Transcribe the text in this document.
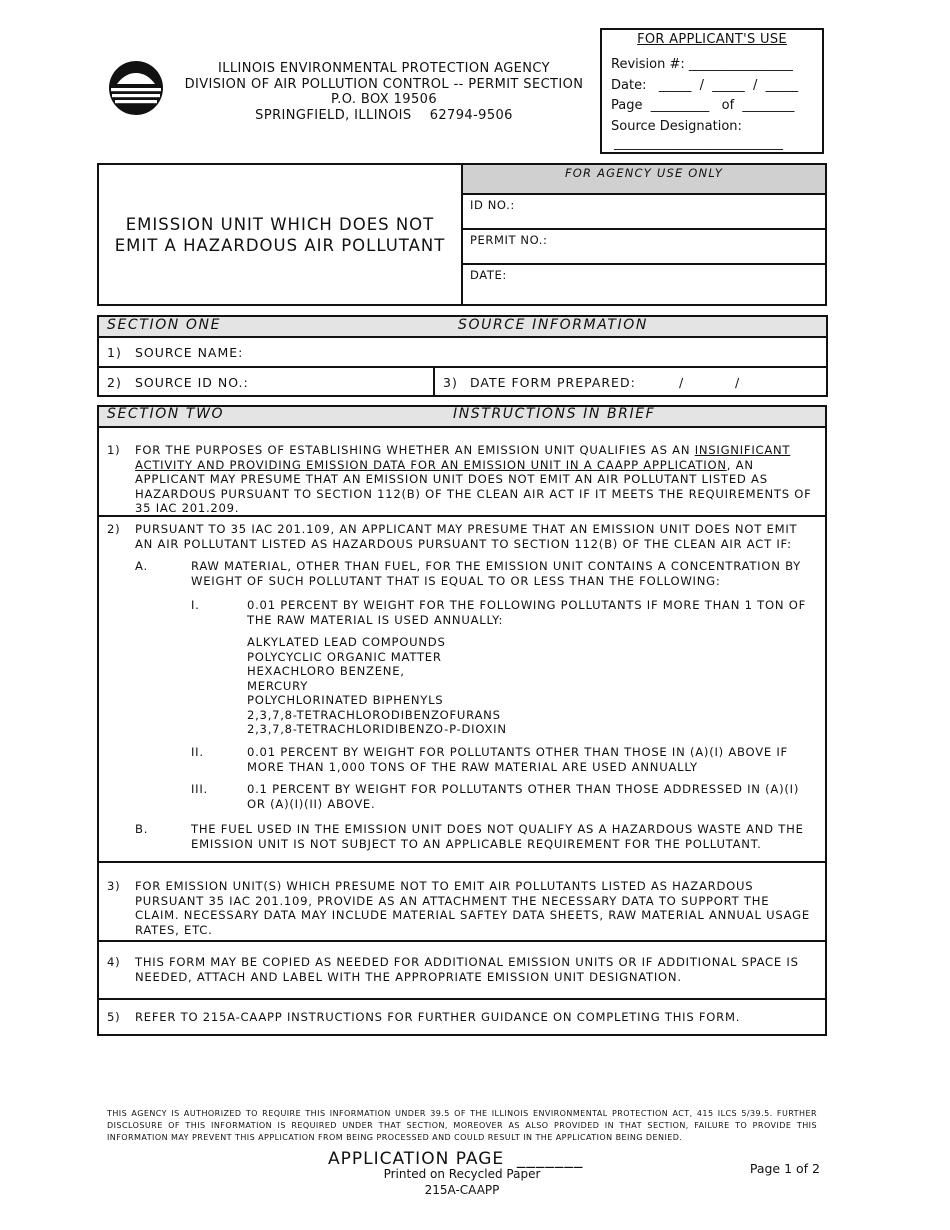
ILLINOIS ENVIRONMENTAL PROTECTION AGENCY
DIVISION OF AIR POLLUTION CONTROL -- PERMIT SECTION
P.O. BOX 19506
SPRINGFIELD, ILLINOIS    62794-9506
FOR APPLICANT'S USE
Revision #: ________________
Date:   _____  /  _____  /  _____
Page  _________   of  ________
Source Designation:
__________________________
EMISSION UNIT WHICH DOES NOT
EMIT A HAZARDOUS AIR POLLUTANT
FOR AGENCY USE ONLY
ID NO.:
PERMIT NO.:
DATE:
SECTION ONE	SOURCE INFORMATION
1) SOURCE NAME:
2) SOURCE ID NO.:	3) DATE FORM PREPARED:	/	/
SECTION TWO	INSTRUCTIONS IN BRIEF
1) FOR THE PURPOSES OF ESTABLISHING WHETHER AN EMISSION UNIT QUALIFIES AS AN INSIGNIFICANT ACTIVITY AND PROVIDING EMISSION DATA FOR AN EMISSION UNIT IN A CAAPP APPLICATION, AN APPLICANT MAY PRESUME THAT AN EMISSION UNIT DOES NOT EMIT AN AIR POLLUTANT LISTED AS HAZARDOUS PURSUANT TO SECTION 112(B) OF THE CLEAN AIR ACT IF IT MEETS THE REQUIREMENTS OF 35 IAC 201.209.
2) PURSUANT TO 35 IAC 201.109, AN APPLICANT MAY PRESUME THAT AN EMISSION UNIT DOES NOT EMIT AN AIR POLLUTANT LISTED AS HAZARDOUS PURSUANT TO SECTION 112(B) OF THE CLEAN AIR ACT IF:
A.	RAW MATERIAL, OTHER THAN FUEL, FOR THE EMISSION UNIT CONTAINS A CONCENTRATION BY WEIGHT OF SUCH POLLUTANT THAT IS EQUAL TO OR LESS THAN THE FOLLOWING:
I.	0.01 PERCENT BY WEIGHT FOR THE FOLLOWING POLLUTANTS IF MORE THAN 1 TON OF THE RAW MATERIAL IS USED ANNUALLY:
ALKYLATED LEAD COMPOUNDS
POLYCYCLIC ORGANIC MATTER
HEXACHLORO BENZENE,
MERCURY
POLYCHLORINATED BIPHENYLS
2,3,7,8-TETRACHLORODIBENZOFURANS
2,3,7,8-TETRACHLORIDIBENZO-P-DIOXIN
II.	0.01 PERCENT BY WEIGHT FOR POLLUTANTS OTHER THAN THOSE IN (A)(I) ABOVE IF MORE THAN 1,000 TONS OF THE RAW MATERIAL ARE USED ANNUALLY
III.	0.1 PERCENT BY WEIGHT FOR POLLUTANTS OTHER THAN THOSE ADDRESSED IN (A)(I) OR (A)(I)(II) ABOVE.
B.	THE FUEL USED IN THE EMISSION UNIT DOES NOT QUALIFY AS A HAZARDOUS WASTE AND THE EMISSION UNIT IS NOT SUBJECT TO AN APPLICABLE REQUIREMENT FOR THE POLLUTANT.
3) FOR EMISSION UNIT(S) WHICH PRESUME NOT TO EMIT AIR POLLUTANTS LISTED AS HAZARDOUS PURSUANT 35 IAC 201.109, PROVIDE AS AN ATTACHMENT THE NECESSARY DATA TO SUPPORT THE CLAIM. NECESSARY DATA MAY INCLUDE MATERIAL SAFTEY DATA SHEETS, RAW MATERIAL ANNUAL USAGE RATES, ETC.
4) THIS FORM MAY BE COPIED AS NEEDED FOR ADDITIONAL EMISSION UNITS OR IF ADDITIONAL SPACE IS NEEDED, ATTACH AND LABEL WITH THE APPROPRIATE EMISSION UNIT DESIGNATION.
5) REFER TO 215A-CAAPP INSTRUCTIONS FOR FURTHER GUIDANCE ON COMPLETING THIS FORM.
THIS AGENCY IS AUTHORIZED TO REQUIRE THIS INFORMATION UNDER 39.5 OF THE ILLINOIS ENVIRONMENTAL PROTECTION ACT, 415 ILCS 5/39.5. FURTHER DISCLOSURE OF THIS INFORMATION IS REQUIRED UNDER THAT SECTION, MOREOVER AS ALSO PROVIDED IN THAT SECTION, FAILURE TO PROVIDE THIS INFORMATION MAY PREVENT THIS APPLICATION FROM BEING PROCESSED AND COULD RESULT IN THE APPLICATION BEING DENIED.
APPLICATION PAGE  _______
Printed on Recycled Paper
215A-CAAPP
Page 1 of 2
